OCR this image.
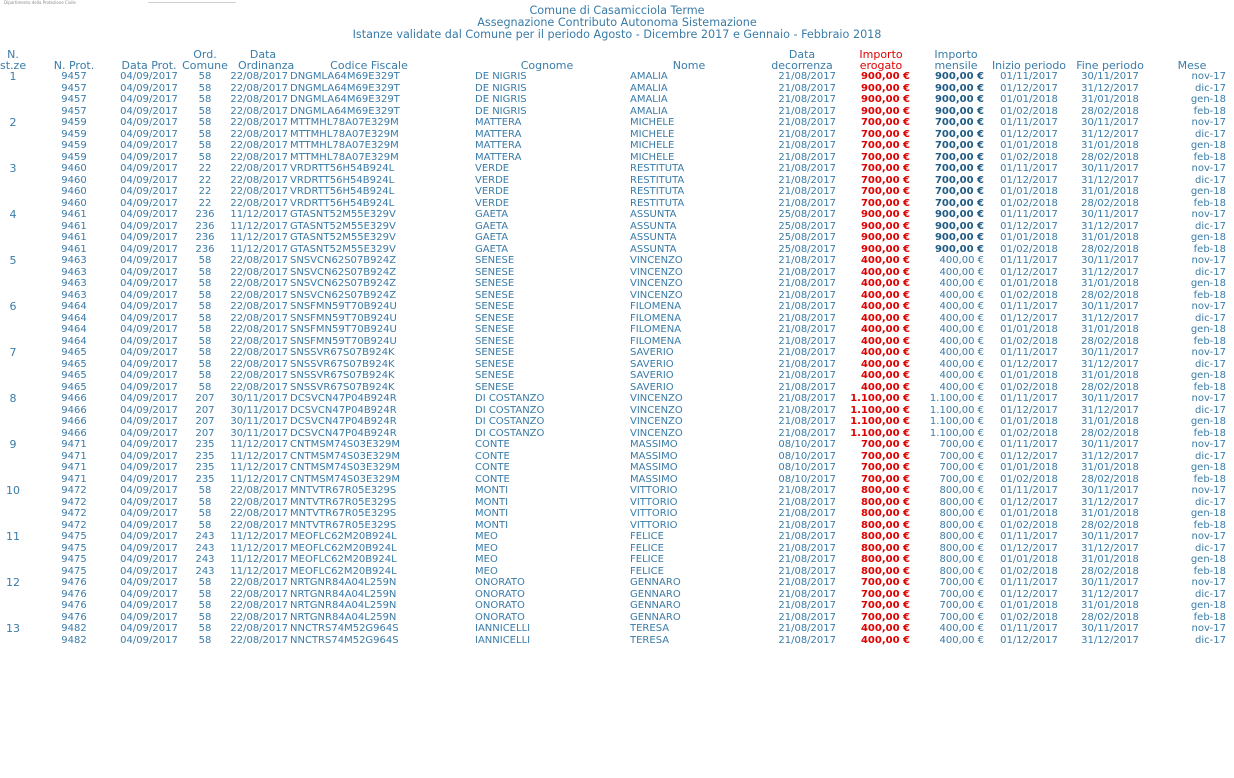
Dipartimento della Protezione Civile
Comune di Casamicciola Terme
Assegnazione Contributo Autonoma Sistemazione
Istanze validate dal Comune per il periodo Agosto - Dicembre 2017 e Gennaio - Febbraio 2018
N.
st.ze	N. Prot.	Data Prot.	Ord.
Comune	Data
Ordinanza	Codice Fiscale	Cognome	Nome	Data
decorrenza	Importo
erogato	Importo
mensile	Inizio periodo	Fine periodo	Mese
1	9457	04/09/2017	58	22/08/2017	DNGMLA64M69E329T	DE NIGRIS	AMALIA	21/08/2017	900,00 €	900,00 €	01/11/2017	30/11/2017	nov-17
	9457	04/09/2017	58	22/08/2017	DNGMLA64M69E329T	DE NIGRIS	AMALIA	21/08/2017	900,00 €	900,00 €	01/12/2017	31/12/2017	dic-17
	9457	04/09/2017	58	22/08/2017	DNGMLA64M69E329T	DE NIGRIS	AMALIA	21/08/2017	900,00 €	900,00 €	01/01/2018	31/01/2018	gen-18
	9457	04/09/2017	58	22/08/2017	DNGMLA64M69E329T	DE NIGRIS	AMALIA	21/08/2017	900,00 €	900,00 €	01/02/2018	28/02/2018	feb-18
2	9459	04/09/2017	58	22/08/2017	MTTMHL78A07E329M	MATTERA	MICHELE	21/08/2017	700,00 €	700,00 €	01/11/2017	30/11/2017	nov-17
	9459	04/09/2017	58	22/08/2017	MTTMHL78A07E329M	MATTERA	MICHELE	21/08/2017	700,00 €	700,00 €	01/12/2017	31/12/2017	dic-17
	9459	04/09/2017	58	22/08/2017	MTTMHL78A07E329M	MATTERA	MICHELE	21/08/2017	700,00 €	700,00 €	01/01/2018	31/01/2018	gen-18
	9459	04/09/2017	58	22/08/2017	MTTMHL78A07E329M	MATTERA	MICHELE	21/08/2017	700,00 €	700,00 €	01/02/2018	28/02/2018	feb-18
3	9460	04/09/2017	22	22/08/2017	VRDRTT56H54B924L	VERDE	RESTITUTA	21/08/2017	700,00 €	700,00 €	01/11/2017	30/11/2017	nov-17
	9460	04/09/2017	22	22/08/2017	VRDRTT56H54B924L	VERDE	RESTITUTA	21/08/2017	700,00 €	700,00 €	01/12/2017	31/12/2017	dic-17
	9460	04/09/2017	22	22/08/2017	VRDRTT56H54B924L	VERDE	RESTITUTA	21/08/2017	700,00 €	700,00 €	01/01/2018	31/01/2018	gen-18
	9460	04/09/2017	22	22/08/2017	VRDRTT56H54B924L	VERDE	RESTITUTA	21/08/2017	700,00 €	700,00 €	01/02/2018	28/02/2018	feb-18
4	9461	04/09/2017	236	11/12/2017	GTASNT52M55E329V	GAETA	ASSUNTA	25/08/2017	900,00 €	900,00 €	01/11/2017	30/11/2017	nov-17
	9461	04/09/2017	236	11/12/2017	GTASNT52M55E329V	GAETA	ASSUNTA	25/08/2017	900,00 €	900,00 €	01/12/2017	31/12/2017	dic-17
	9461	04/09/2017	236	11/12/2017	GTASNT52M55E329V	GAETA	ASSUNTA	25/08/2017	900,00 €	900,00 €	01/01/2018	31/01/2018	gen-18
	9461	04/09/2017	236	11/12/2017	GTASNT52M55E329V	GAETA	ASSUNTA	25/08/2017	900,00 €	900,00 €	01/02/2018	28/02/2018	feb-18
5	9463	04/09/2017	58	22/08/2017	SNSVCN62S07B924Z	SENESE	VINCENZO	21/08/2017	400,00 €	400,00 €	01/11/2017	30/11/2017	nov-17
	9463	04/09/2017	58	22/08/2017	SNSVCN62S07B924Z	SENESE	VINCENZO	21/08/2017	400,00 €	400,00 €	01/12/2017	31/12/2017	dic-17
	9463	04/09/2017	58	22/08/2017	SNSVCN62S07B924Z	SENESE	VINCENZO	21/08/2017	400,00 €	400,00 €	01/01/2018	31/01/2018	gen-18
	9463	04/09/2017	58	22/08/2017	SNSVCN62S07B924Z	SENESE	VINCENZO	21/08/2017	400,00 €	400,00 €	01/02/2018	28/02/2018	feb-18
6	9464	04/09/2017	58	22/08/2017	SNSFMN59T70B924U	SENESE	FILOMENA	21/08/2017	400,00 €	400,00 €	01/11/2017	30/11/2017	nov-17
	9464	04/09/2017	58	22/08/2017	SNSFMN59T70B924U	SENESE	FILOMENA	21/08/2017	400,00 €	400,00 €	01/12/2017	31/12/2017	dic-17
	9464	04/09/2017	58	22/08/2017	SNSFMN59T70B924U	SENESE	FILOMENA	21/08/2017	400,00 €	400,00 €	01/01/2018	31/01/2018	gen-18
	9464	04/09/2017	58	22/08/2017	SNSFMN59T70B924U	SENESE	FILOMENA	21/08/2017	400,00 €	400,00 €	01/02/2018	28/02/2018	feb-18
7	9465	04/09/2017	58	22/08/2017	SNSSVR67S07B924K	SENESE	SAVERIO	21/08/2017	400,00 €	400,00 €	01/11/2017	30/11/2017	nov-17
	9465	04/09/2017	58	22/08/2017	SNSSVR67S07B924K	SENESE	SAVERIO	21/08/2017	400,00 €	400,00 €	01/12/2017	31/12/2017	dic-17
	9465	04/09/2017	58	22/08/2017	SNSSVR67S07B924K	SENESE	SAVERIO	21/08/2017	400,00 €	400,00 €	01/01/2018	31/01/2018	gen-18
	9465	04/09/2017	58	22/08/2017	SNSSVR67S07B924K	SENESE	SAVERIO	21/08/2017	400,00 €	400,00 €	01/02/2018	28/02/2018	feb-18
8	9466	04/09/2017	207	30/11/2017	DCSVCN47P04B924R	DI COSTANZO	VINCENZO	21/08/2017	1.100,00 €	1.100,00 €	01/11/2017	30/11/2017	nov-17
	9466	04/09/2017	207	30/11/2017	DCSVCN47P04B924R	DI COSTANZO	VINCENZO	21/08/2017	1.100,00 €	1.100,00 €	01/12/2017	31/12/2017	dic-17
	9466	04/09/2017	207	30/11/2017	DCSVCN47P04B924R	DI COSTANZO	VINCENZO	21/08/2017	1.100,00 €	1.100,00 €	01/01/2018	31/01/2018	gen-18
	9466	04/09/2017	207	30/11/2017	DCSVCN47P04B924R	DI COSTANZO	VINCENZO	21/08/2017	1.100,00 €	1.100,00 €	01/02/2018	28/02/2018	feb-18
9	9471	04/09/2017	235	11/12/2017	CNTMSM74S03E329M	CONTE	MASSIMO	08/10/2017	700,00 €	700,00 €	01/11/2017	30/11/2017	nov-17
	9471	04/09/2017	235	11/12/2017	CNTMSM74S03E329M	CONTE	MASSIMO	08/10/2017	700,00 €	700,00 €	01/12/2017	31/12/2017	dic-17
	9471	04/09/2017	235	11/12/2017	CNTMSM74S03E329M	CONTE	MASSIMO	08/10/2017	700,00 €	700,00 €	01/01/2018	31/01/2018	gen-18
	9471	04/09/2017	235	11/12/2017	CNTMSM74S03E329M	CONTE	MASSIMO	08/10/2017	700,00 €	700,00 €	01/02/2018	28/02/2018	feb-18
10	9472	04/09/2017	58	22/08/2017	MNTVTR67R05E329S	MONTI	VITTORIO	21/08/2017	800,00 €	800,00 €	01/11/2017	30/11/2017	nov-17
	9472	04/09/2017	58	22/08/2017	MNTVTR67R05E329S	MONTI	VITTORIO	21/08/2017	800,00 €	800,00 €	01/12/2017	31/12/2017	dic-17
	9472	04/09/2017	58	22/08/2017	MNTVTR67R05E329S	MONTI	VITTORIO	21/08/2017	800,00 €	800,00 €	01/01/2018	31/01/2018	gen-18
	9472	04/09/2017	58	22/08/2017	MNTVTR67R05E329S	MONTI	VITTORIO	21/08/2017	800,00 €	800,00 €	01/02/2018	28/02/2018	feb-18
11	9475	04/09/2017	243	11/12/2017	MEOFLC62M20B924L	MEO	FELICE	21/08/2017	800,00 €	800,00 €	01/11/2017	30/11/2017	nov-17
	9475	04/09/2017	243	11/12/2017	MEOFLC62M20B924L	MEO	FELICE	21/08/2017	800,00 €	800,00 €	01/12/2017	31/12/2017	dic-17
	9475	04/09/2017	243	11/12/2017	MEOFLC62M20B924L	MEO	FELICE	21/08/2017	800,00 €	800,00 €	01/01/2018	31/01/2018	gen-18
	9475	04/09/2017	243	11/12/2017	MEOFLC62M20B924L	MEO	FELICE	21/08/2017	800,00 €	800,00 €	01/02/2018	28/02/2018	feb-18
12	9476	04/09/2017	58	22/08/2017	NRTGNR84A04L259N	ONORATO	GENNARO	21/08/2017	700,00 €	700,00 €	01/11/2017	30/11/2017	nov-17
	9476	04/09/2017	58	22/08/2017	NRTGNR84A04L259N	ONORATO	GENNARO	21/08/2017	700,00 €	700,00 €	01/12/2017	31/12/2017	dic-17
	9476	04/09/2017	58	22/08/2017	NRTGNR84A04L259N	ONORATO	GENNARO	21/08/2017	700,00 €	700,00 €	01/01/2018	31/01/2018	gen-18
	9476	04/09/2017	58	22/08/2017	NRTGNR84A04L259N	ONORATO	GENNARO	21/08/2017	700,00 €	700,00 €	01/02/2018	28/02/2018	feb-18
13	9482	04/09/2017	58	22/08/2017	NNCTRS74M52G964S	IANNICELLI	TERESA	21/08/2017	400,00 €	400,00 €	01/11/2017	30/11/2017	nov-17
	9482	04/09/2017	58	22/08/2017	NNCTRS74M52G964S	IANNICELLI	TERESA	21/08/2017	400,00 €	400,00 €	01/12/2017	31/12/2017	dic-17
